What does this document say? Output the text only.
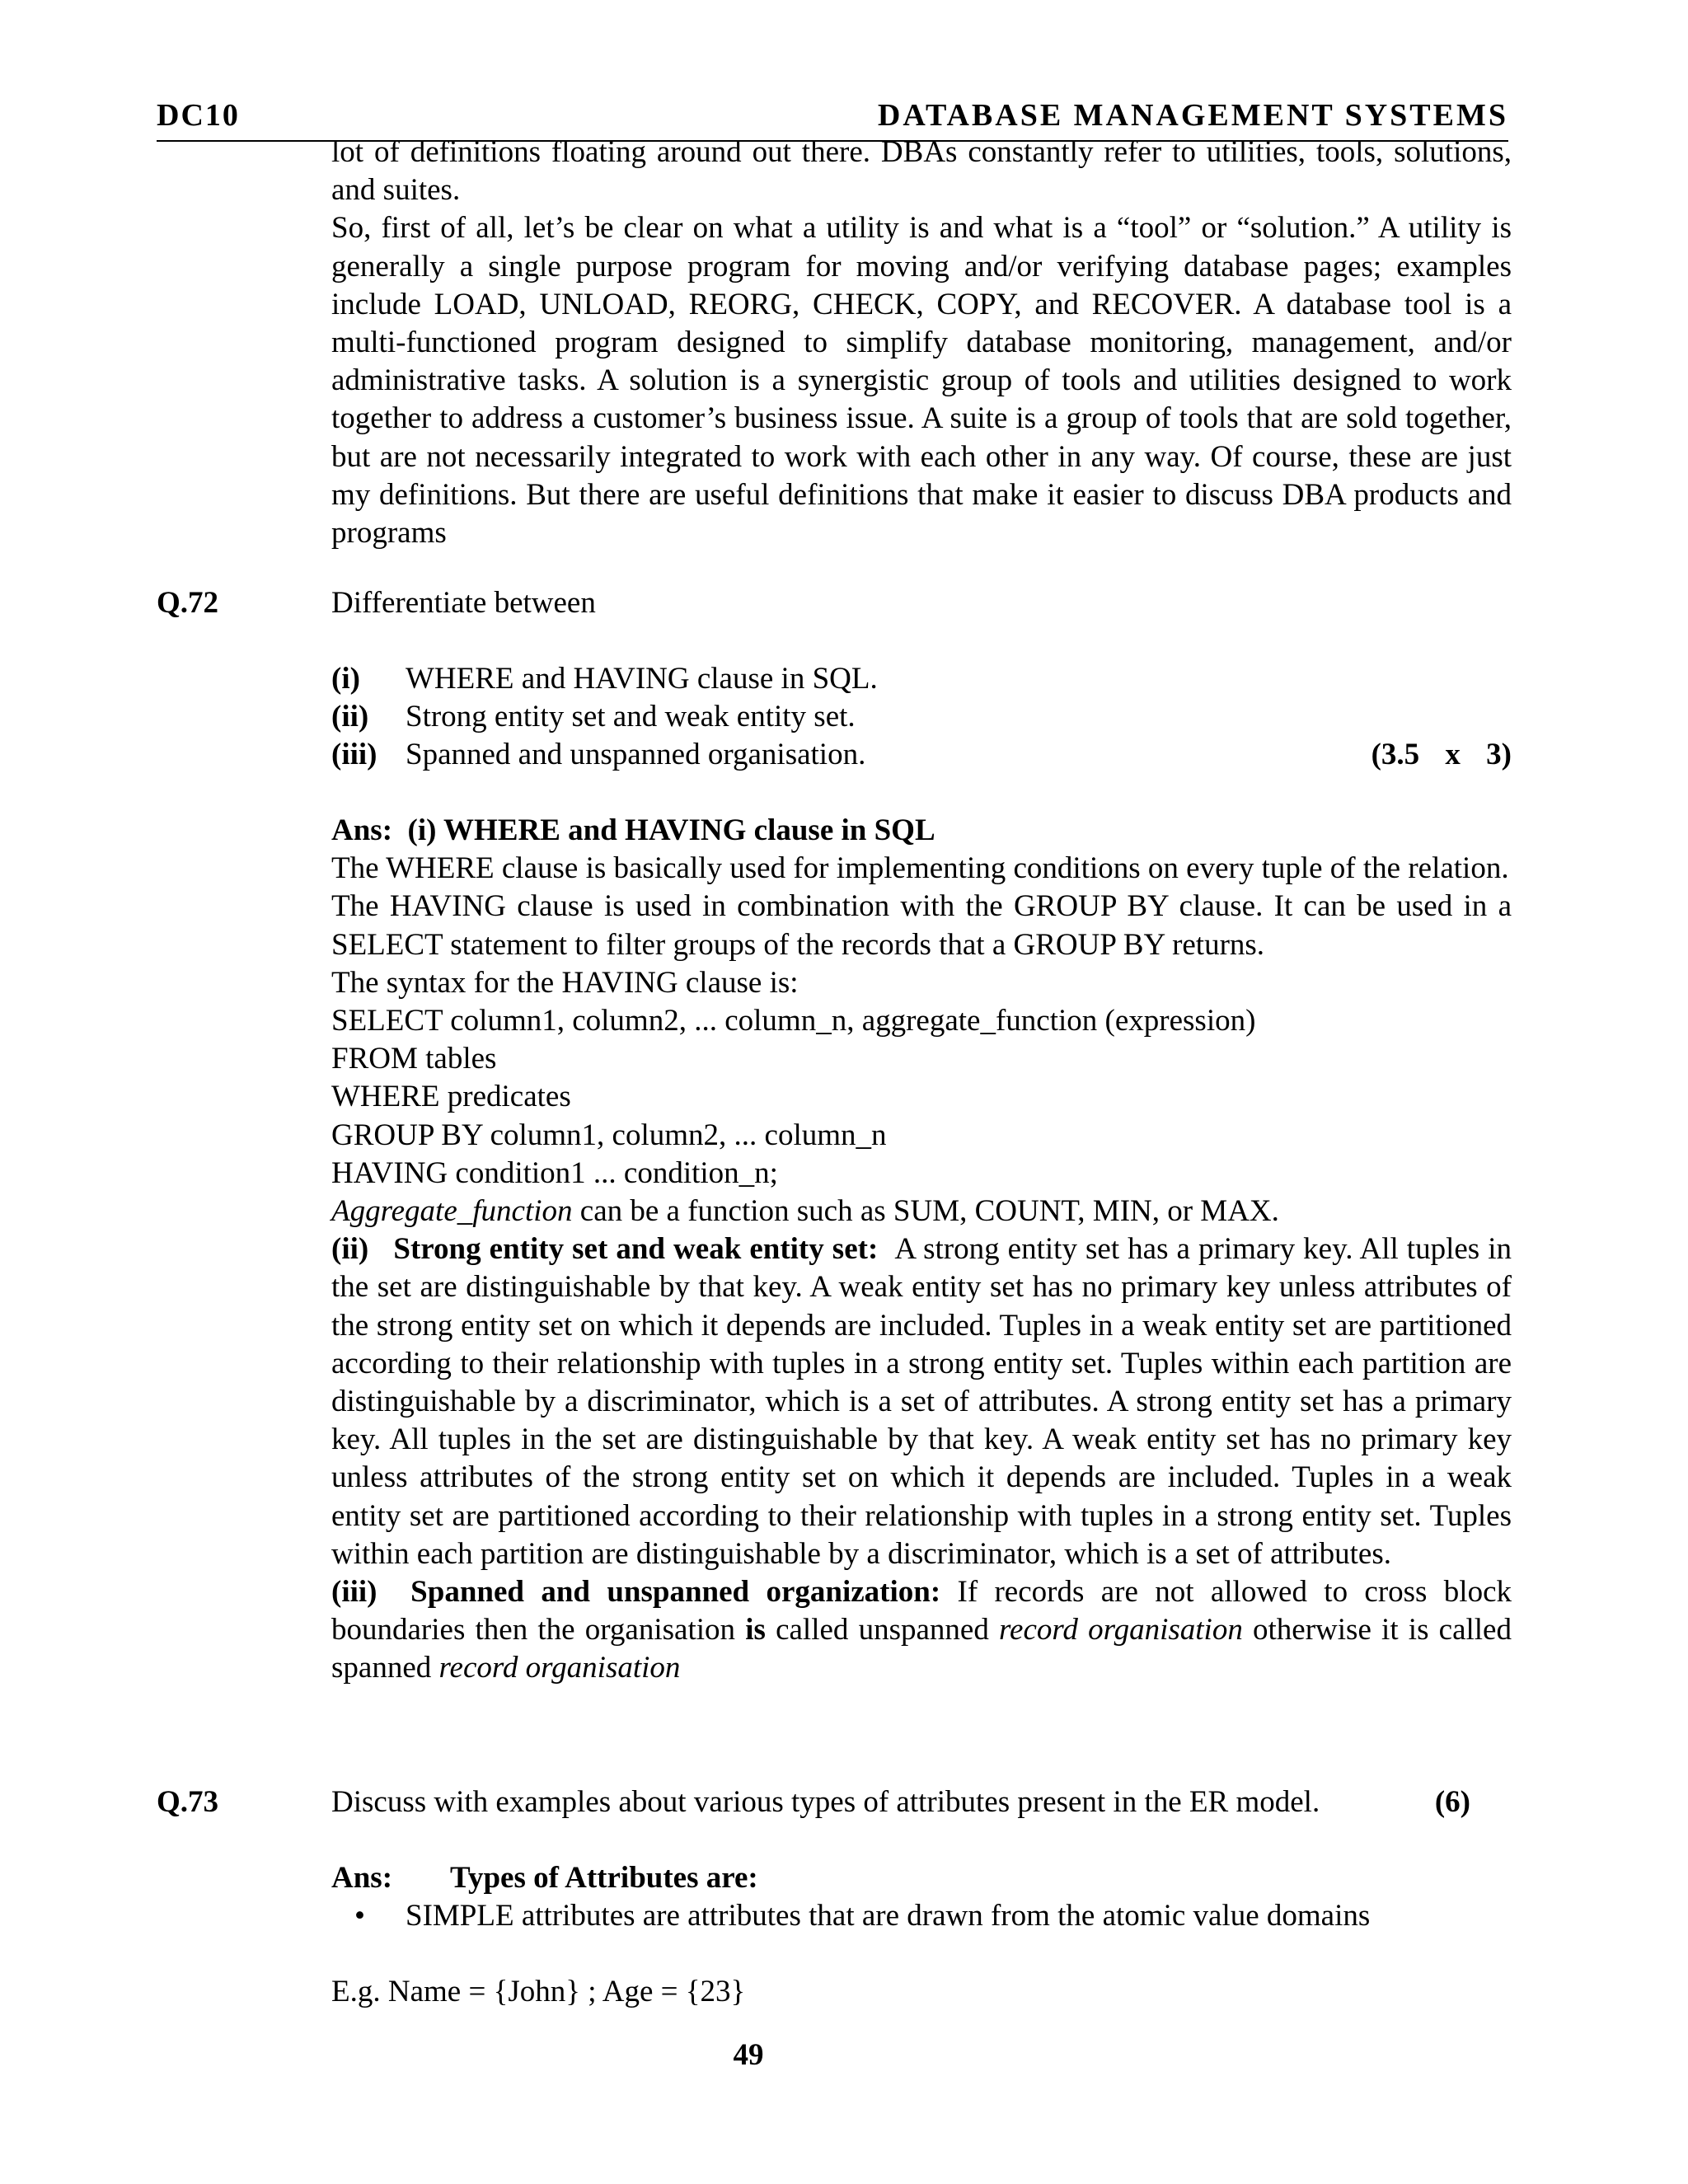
DC10	DATABASE MANAGEMENT SYSTEMS

lot of definitions floating around out there. DBAs constantly refer to utilities, tools, solutions, and suites.

So, first of all, let’s be clear on what a utility is and what is a “tool” or “solution.” A utility is generally a single purpose program for moving and/or verifying database pages; examples include LOAD, UNLOAD, REORG, CHECK, COPY, and RECOVER. A database tool is a multi-functioned program designed to simplify database monitoring, management, and/or administrative tasks. A solution is a synergistic group of tools and utilities designed to work together to address a customer’s business issue. A suite is a group of tools that are sold together, but are not necessarily integrated to work with each other in any way. Of course, these are just my definitions. But there are useful definitions that make it easier to discuss DBA products and programs

Q.72	Differentiate between
(i) WHERE and HAVING clause in SQL.
(ii) Strong entity set and weak entity set.
(iii) Spanned and unspanned organisation.	(3.5 x 3)

Ans: (i) WHERE and HAVING clause in SQL

The WHERE clause is basically used for implementing conditions on every tuple of the relation.

The HAVING clause is used in combination with the GROUP BY clause. It can be used in a SELECT statement to filter groups of the records that a GROUP BY returns.

The syntax for the HAVING clause is:

SELECT column1, column2, ... column_n, aggregate_function (expression)

FROM tables

WHERE predicates

GROUP BY column1, column2, ... column_n

HAVING condition1 ... condition_n;

Aggregate_function can be a function such as SUM, COUNT, MIN, or MAX.

(ii) Strong entity set and weak entity set: A strong entity set has a primary key. All tuples in the set are distinguishable by that key. A weak entity set has no primary key unless attributes of the strong entity set on which it depends are included. Tuples in a weak entity set are partitioned according to their relationship with tuples in a strong entity set. Tuples within each partition are distinguishable by a discriminator, which is a set of attributes. A strong entity set has a primary key. All tuples in the set are distinguishable by that key. A weak entity set has no primary key unless attributes of the strong entity set on which it depends are included. Tuples in a weak entity set are partitioned according to their relationship with tuples in a strong entity set. Tuples within each partition are distinguishable by a discriminator, which is a set of attributes.

(iii) Spanned and unspanned organization: If records are not allowed to cross block boundaries then the organisation is called unspanned record organisation otherwise it is called spanned record organisation

Q.73	Discuss with examples about various types of attributes present in the ER model.	(6)

Ans: Types of Attributes are:

• SIMPLE attributes are attributes that are drawn from the atomic value domains

E.g. Name = {John} ; Age = {23}

49
